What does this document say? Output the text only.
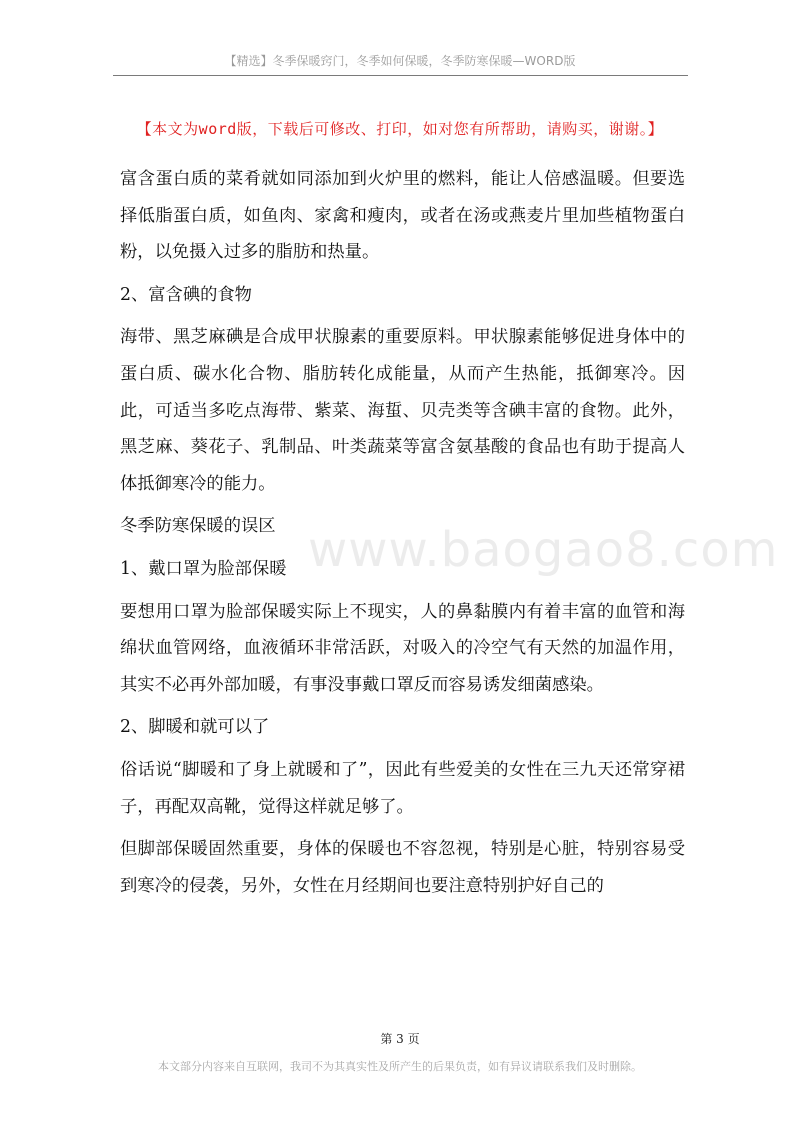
【精选】冬季保暖窍门，冬季如何保暖，冬季防寒保暖—WORD版
【本文为word版，下载后可修改、打印，如对您有所帮助，请购买，谢谢。】
www.baogao8.com

富含蛋白质的菜肴就如同添加到火炉里的燃料，能让人倍感温暖。但要选择低脂蛋白质，如鱼肉、家禽和瘦肉，或者在汤或燕麦片里加些植物蛋白粉，以免摄入过多的脂肪和热量。

2、富含碘的食物

海带、黑芝麻碘是合成甲状腺素的重要原料。甲状腺素能够促进身体中的蛋白质、碳水化合物、脂肪转化成能量，从而产生热能，抵御寒冷。因此，可适当多吃点海带、紫菜、海蜇、贝壳类等含碘丰富的食物。此外，黑芝麻、葵花子、乳制品、叶类蔬菜等富含氨基酸的食品也有助于提高人体抵御寒冷的能力。

冬季防寒保暖的误区

1、戴口罩为脸部保暖

要想用口罩为脸部保暖实际上不现实，人的鼻黏膜内有着丰富的血管和海绵状血管网络，血液循环非常活跃，对吸入的冷空气有天然的加温作用，其实不必再外部加暖，有事没事戴口罩反而容易诱发细菌感染。

2、脚暖和就可以了

俗话说“脚暖和了身上就暖和了”，因此有些爱美的女性在三九天还常穿裙子，再配双高靴，觉得这样就足够了。

但脚部保暖固然重要，身体的保暖也不容忽视，特别是心脏，特别容易受到寒冷的侵袭，另外，女性在月经期间也要注意特别护好自己的

第 3 页
本文部分内容来自互联网，我司不为其真实性及所产生的后果负责，如有异议请联系我们及时删除。
